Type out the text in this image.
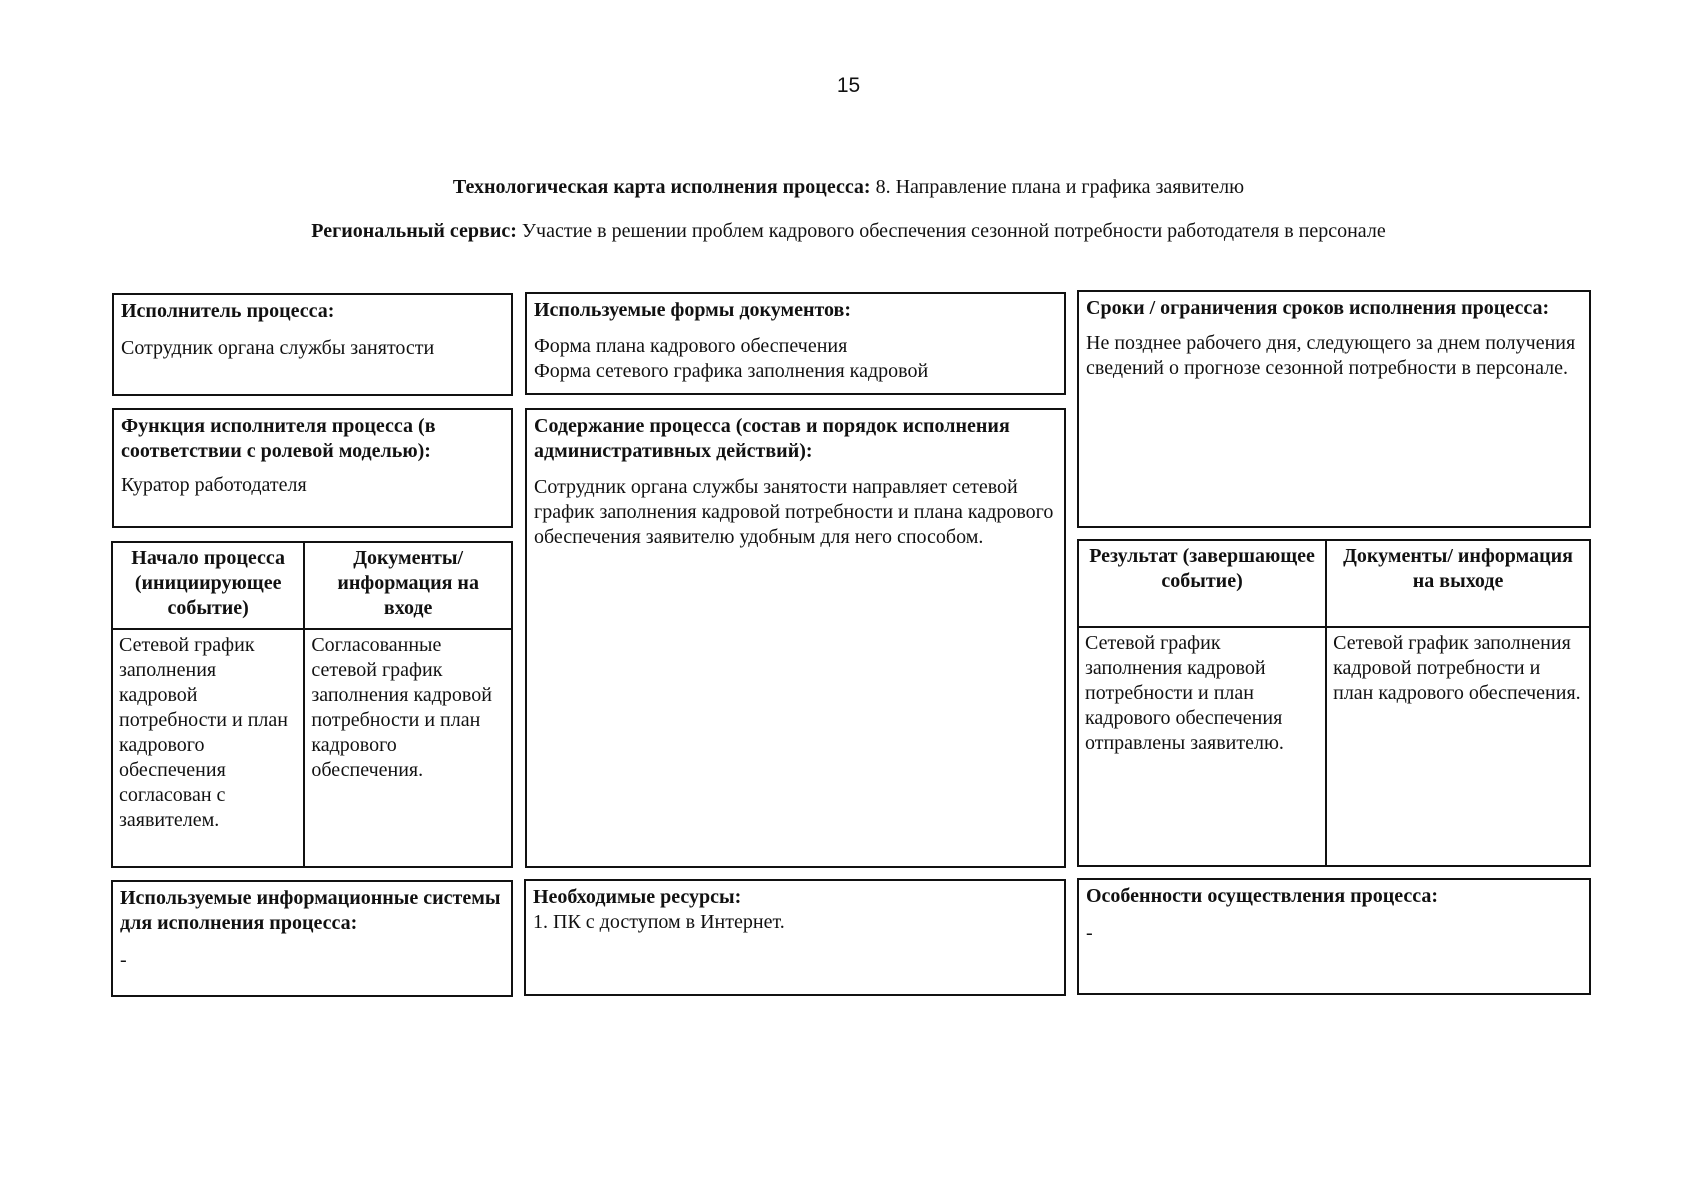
15
Технологическая карта исполнения процесса: 8. Направление плана и графика заявителю
Региональный сервис: Участие в решении проблем кадрового обеспечения сезонной потребности работодателя в персонале
Исполнитель процесса:
Сотрудник органа службы занятости
Используемые формы документов:
Форма плана кадрового обеспечения
Форма сетевого графика заполнения кадровой
Сроки / ограничения сроков исполнения процесса:
Не позднее рабочего дня, следующего за днем получения сведений о прогнозе сезонной потребности в персонале.
Функция исполнителя процесса (в соответствии с ролевой моделью):
Куратор работодателя
Содержание процесса (состав и порядок исполнения административных действий):
Сотрудник органа службы занятости направляет сетевой график заполнения кадровой потребности и плана кадрового обеспечения заявителю удобным для него способом.
Начало процесса (инициирующее событие)	Документы/ информация на входе
Сетевой график заполнения кадровой потребности и план кадрового обеспечения согласован с заявителем.	Согласованные сетевой график заполнения кадровой потребности и план кадрового обеспечения.
Результат (завершающее событие)	Документы/ информация на выходе
Сетевой график заполнения кадровой потребности и план кадрового обеспечения отправлены заявителю.	Сетевой график заполнения кадровой потребности и план кадрового обеспечения.
Используемые информационные системы для исполнения процесса:
-
Необходимые ресурсы:
1. ПК с доступом в Интернет.
Особенности осуществления процесса:
-
